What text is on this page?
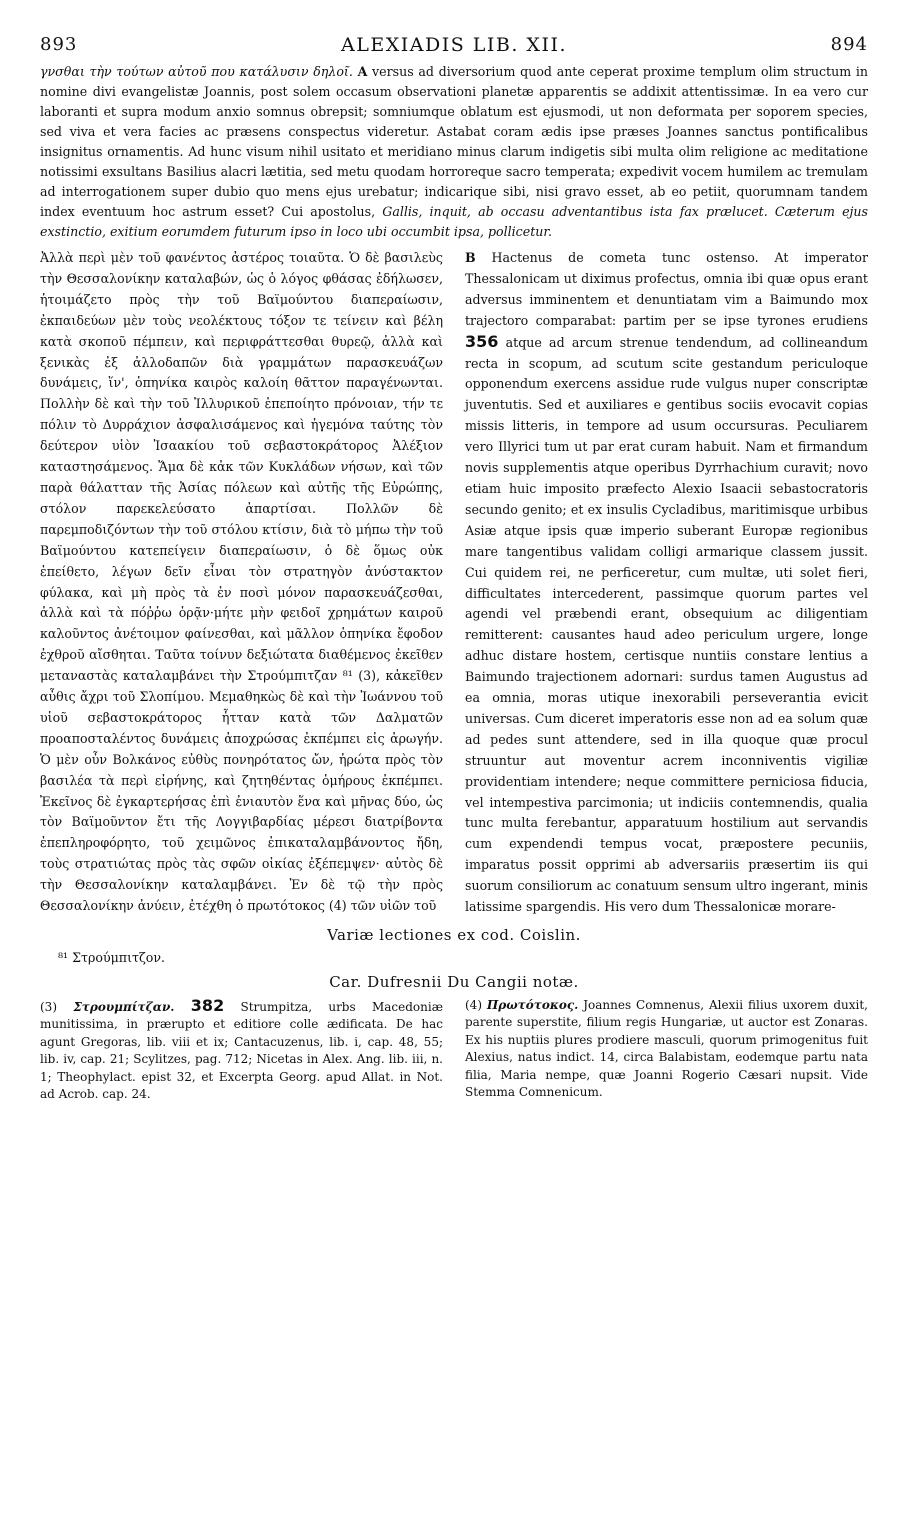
893	ALEXIADIS LIB. XII.	894
γνσθαι τὴν τούτων αὐτοῦ που κατάλυσιν δηλοῖ. A versus ad diversorium quod ante ceperat proxime templum olim structum in nomine divi evangelistæ Joannis, post solem occasum observationi planetæ apparentis se addixit attentissimæ. In ea vero cur laboranti et supra modum anxio somnus obrepsit; somniumque oblatum est ejusmodi, ut non deformata per soporem species, sed viva et vera facies ac præsens conspectus videretur. Astabat coram ædis ipse præses Joannes sanctus pontificalibus insignitus ornamentis. Ad hunc visum nihil usitato et meridiano minus clarum indigetis sibi multa olim religione ac meditatione notissimi exsultans Basilius alacri lætitia, sed metu quodam horroreque sacro temperata; expedivit vocem humilem ac tremulam ad interrogationem super dubio quo mens ejus urebatur; indicarique sibi, nisi gravo esset, ab eo petiit, quorumnam tandem index eventuum hoc astrum esset? Cui apostolus, Gallis, inquit, ab occasu adventantibus ista fax prælucet. Cæterum ejus exstinctio, exitium eorumdem futurum ipso in loco ubi occumbit ipsa, pollicetur.

Ἀλλὰ περὶ μὲν τοῦ φανέντος ἀστέρος τοιαῦτα. Ὁ δὲ βασιλεὺς τὴν Θεσσαλονίκην καταλαβών, ὡς ὁ λόγος φθάσας ἐδήλωσεν, ἡτοιμάζετο πρὸς τὴν τοῦ Βαϊμούντου διαπεραίωσιν, ἐκπαιδεύων μὲν τοὺς νεολέκτους τόξον τε τείνειν καὶ βέλη κατὰ σκοποῦ πέμπειν, καὶ περιφράττεσθαι θυρεῷ, ἀλλὰ καὶ ξενικὰς ἐξ ἀλλοδαπῶν διὰ γραμμάτων παρασκευάζων δυνάμεις, ἵν', ὁπηνίκα καιρὸς καλοίη θᾶττον παραγένωνται. Πολλὴν δὲ καὶ τὴν τοῦ Ἰλλυρικοῦ ἐπεποίητο πρόνοιαν, τήν τε πόλιν τὸ Δυρράχιον ἀσφαλισάμενος καὶ ἡγεμόνα ταύτης τὸν δεύτερον υἱὸν Ἰσαακίου τοῦ σεβαστοκράτορος Ἀλέξιον καταστησάμενος. Ἅμα δὲ κἀκ τῶν Κυκλάδων νήσων, καὶ τῶν παρὰ θάλατταν τῆς Ἀσίας πόλεων καὶ αὐτῆς τῆς Εὐρώπης, στόλον παρεκελεύσατο ἀπαρτίσαι. Πολλῶν δὲ παρεμποδιζόντων τὴν τοῦ στόλου κτίσιν, διὰ τὸ μήπω τὴν τοῦ Βαϊμούντου κατεπείγειν διαπεραίωσιν, ὁ δὲ ὅμως οὐκ ἐπείθετο, λέγων δεῖν εἶναι τὸν στρατηγὸν ἀνύστακτον φύλακα, καὶ μὴ πρὸς τὰ ἐν ποσὶ μόνον παρασκευάζεσθαι, ἀλλὰ καὶ τὰ πόῤῥω ὁρᾷν·μήτε μὴν φειδοῖ χρημάτων καιροῦ καλοῦντος ἀνέτοιμον φαίνεσθαι, καὶ μᾶλλον ὁπηνίκα ἔφοδον ἐχθροῦ αἴσθηται. Ταῦτα τοίνυν δεξιώτατα διαθέμενος ἐκεῖθεν μεταναστὰς καταλαμβάνει τὴν Στρούμπιτζαν ⁸¹ (3), κἀκεῖθεν αὖθις ἄχρι τοῦ Σλοπίμου. Μεμαθηκὼς δὲ καὶ τὴν Ἰωάννου τοῦ υἱοῦ σεβαστοκράτορος ἧτταν κατὰ τῶν Δαλματῶν προαποσταλέντος δυνάμεις ἀποχρώσας ἐκπέμπει εἰς ἀρωγήν. Ὁ μὲν οὖν Βολκάνος εὐθὺς πονηρότατος ὤν, ἠρώτα πρὸς τὸν βασιλέα τὰ περὶ εἰρήνης, καὶ ζητηθέντας ὁμήρους ἐκπέμπει. Ἐκεῖνος δὲ ἐγκαρτερήσας ἐπὶ ἐνιαυτὸν ἕνα καὶ μῆνας δύο, ὡς τὸν Βαϊμοῦντον ἔτι τῆς Λογγιβαρδίας μέρεσι διατρίβοντα ἐπεπληροφόρητο, τοῦ χειμῶνος ἐπικαταλαμβάνοντος ἤδη, τοὺς στρατιώτας πρὸς τὰς σφῶν οἰκίας ἐξέπεμψεν· αὐτὸς δὲ τὴν Θεσσαλονίκην καταλαμβάνει. Ἐν δὲ τῷ τὴν πρὸς Θεσσαλονίκην ἀνύειν, ἐτέχθη ὁ πρωτότοκος (4) τῶν υἱῶν τοῦ

B Hactenus de cometa tunc ostenso. At imperator Thessalonicam ut diximus profectus, omnia ibi quæ opus erant adversus imminentem et denuntiatam vim a Baimundo mox trajectoro comparabat: partim per se ipse tyrones erudiens 356 atque ad arcum strenue tendendum, ad collineandum recta in scopum, ad scutum scite gestandum periculoque opponendum exercens assidue rude vulgus nuper conscriptæ juventutis. Sed et auxiliares e gentibus sociis evocavit copias missis litteris, in tempore ad usum occursuras. Peculiarem vero Illyrici tum ut par erat curam habuit. Nam et firmandum novis supplementis atque operibus Dyrrhachium curavit; novo etiam huic imposito præfecto Alexio Isaacii sebastocratoris secundo genito; et ex insulis Cycladibus, maritimisque urbibus Asiæ atque ipsis quæ imperio suberant Europæ regionibus mare tangentibus validam colligi armarique classem jussit. Cui quidem rei, ne perficeretur, cum multæ, uti solet fieri, difficultates intercederent, passimque quorum partes vel agendi vel præbendi erant, obsequium ac diligentiam remitterent: causantes haud adeo periculum urgere, longe adhuc distare hostem, certisque nuntiis constare lentius a Baimundo trajectionem adornari: surdus tamen Augustus ad ea omnia, moras utique inexorabili perseverantia evicit universas. Cum diceret imperatoris esse non ad ea solum quæ ad pedes sunt attendere, sed in illa quoque quæ procul struuntur aut moventur acrem inconniventis vigiliæ providentiam intendere; neque committere perniciosa fiducia, vel intempestiva parcimonia; ut indiciis contemnendis, qualia tunc multa ferebantur, apparatuum hostilium aut servandis cum expendendi tempus vocat, præpostere pecuniis, imparatus possit opprimi ab adversariis præsertim iis qui suorum consiliorum ac conatuum sensum ultro ingerant, minis latissime spargendis. His vero dum Thessalonicæ morare-

Variæ lectiones ex cod. Coislin.
⁸¹ Στρούμπιτζον.
Car. Dufresnii Du Cangii notæ.
(3) Στρουμπίτζαν. 382 Strumpitza, urbs Macedoniæ munitissima, in prærupto et editiore colle ædificata. De hac agunt Gregoras, lib. viii et ix; Cantacuzenus, lib. i, cap. 48, 55; lib. iv, cap. 21; Scylitzes, pag. 712; Nicetas in Alex. Ang. lib. iii, n. 1; Theophylact. epist 32, et Excerpta Georg. apud Allat. in Not. ad Acrob. cap. 24.
(4) Πρωτότοκος. Joannes Comnenus, Alexii filius uxorem duxit, parente superstite, filium regis Hungariæ, ut auctor est Zonaras. Ex his nuptiis plures prodiere masculi, quorum primogenitus fuit Alexius, natus indict. 14, circa Balabistam, eodemque partu nata filia, Maria nempe, quæ Joanni Rogerio Cæsari nupsit. Vide Stemma Comnenicum.
